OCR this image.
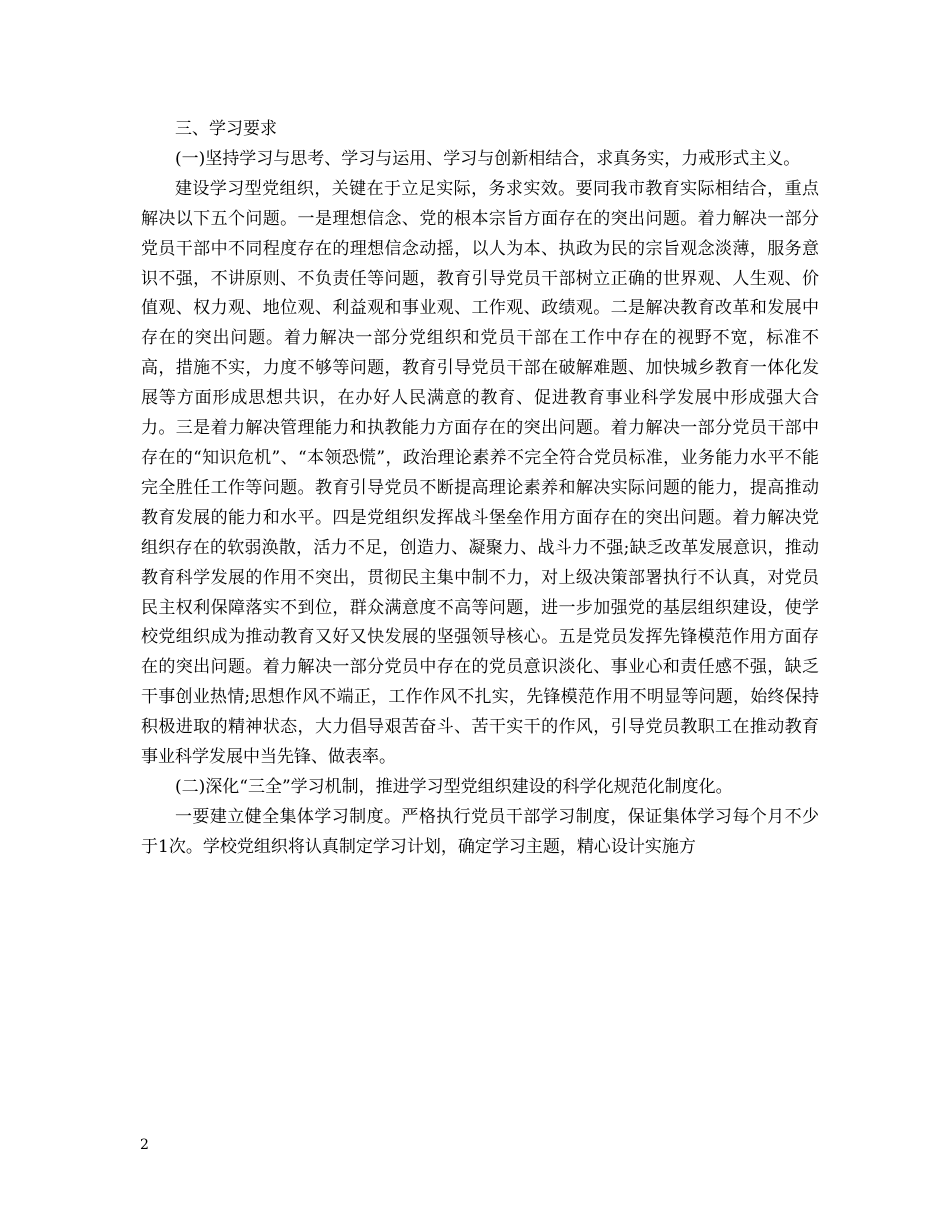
三、学习要求

(一)坚持学习与思考、学习与运用、学习与创新相结合，求真务实，力戒形式主义。

建设学习型党组织，关键在于立足实际，务求实效。要同我市教育实际相结合，重点解决以下五个问题。一是理想信念、党的根本宗旨方面存在的突出问题。着力解决一部分党员干部中不同程度存在的理想信念动摇，以人为本、执政为民的宗旨观念淡薄，服务意识不强，不讲原则、不负责任等问题，教育引导党员干部树立正确的世界观、人生观、价值观、权力观、地位观、利益观和事业观、工作观、政绩观。二是解决教育改革和发展中存在的突出问题。着力解决一部分党组织和党员干部在工作中存在的视野不宽，标准不高，措施不实，力度不够等问题，教育引导党员干部在破解难题、加快城乡教育一体化发展等方面形成思想共识，在办好人民满意的教育、促进教育事业科学发展中形成强大合力。三是着力解决管理能力和执教能力方面存在的突出问题。着力解决一部分党员干部中存在的“知识危机”、“本领恐慌”，政治理论素养不完全符合党员标准，业务能力水平不能完全胜任工作等问题。教育引导党员不断提高理论素养和解决实际问题的能力，提高推动教育发展的能力和水平。四是党组织发挥战斗堡垒作用方面存在的突出问题。着力解决党组织存在的软弱涣散，活力不足，创造力、凝聚力、战斗力不强;缺乏改革发展意识，推动教育科学发展的作用不突出，贯彻民主集中制不力，对上级决策部署执行不认真，对党员民主权利保障落实不到位，群众满意度不高等问题，进一步加强党的基层组织建设，使学校党组织成为推动教育又好又快发展的坚强领导核心。五是党员发挥先锋模范作用方面存在的突出问题。着力解决一部分党员中存在的党员意识淡化、事业心和责任感不强，缺乏干事创业热情;思想作风不端正，工作作风不扎实，先锋模范作用不明显等问题，始终保持积极进取的精神状态，大力倡导艰苦奋斗、苦干实干的作风，引导党员教职工在推动教育事业科学发展中当先锋、做表率。

(二)深化“三全”学习机制，推进学习型党组织建设的科学化规范化制度化。

一要建立健全集体学习制度。严格执行党员干部学习制度，保证集体学习每个月不少于1次。学校党组织将认真制定学习计划，确定学习主题，精心设计实施方

2
